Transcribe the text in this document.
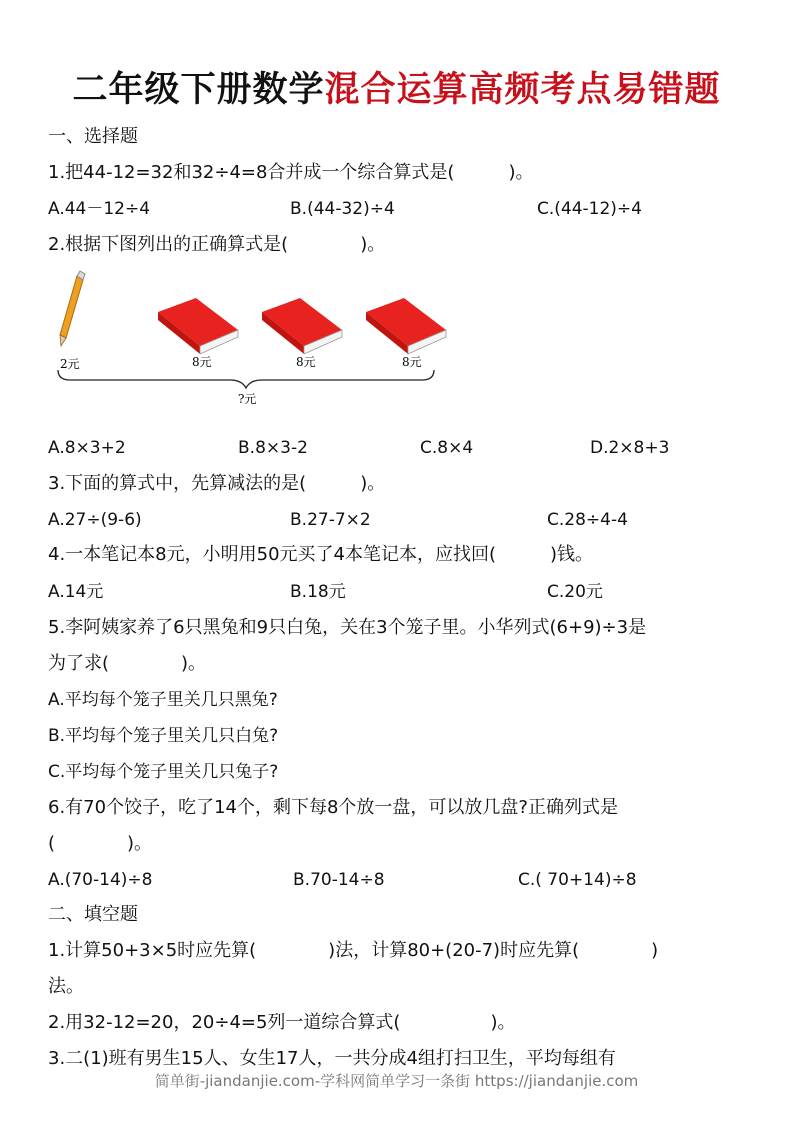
二年级下册数学混合运算高频考点易错题
一、选择题
1.把44-12=32和32÷4=8合并成一个综合算式是(　　　)。
A.44－12÷4	B.(44-32)÷4	C.(44-12)÷4
2.根据下图列出的正确算式是(　　　　)。
2元	8元	8元	8元
?元
A.8×3+2	B.8×3-2	C.8×4	D.2×8+3
3.下面的算式中，先算减法的是(　　　)。
A.27÷(9-6)	B.27-7×2	C.28÷4-4
4.一本笔记本8元，小明用50元买了4本笔记本，应找回(　　　)钱。
A.14元	B.18元	C.20元
5.李阿姨家养了6只黑兔和9只白兔，关在3个笼子里。小华列式(6+9)÷3是
为了求(　　　　)。
A.平均每个笼子里关几只黑兔?
B.平均每个笼子里关几只白兔?
C.平均每个笼子里关几只兔子?
6.有70个饺子，吃了14个，剩下每8个放一盘，可以放几盘?正确列式是
(　　　　)。
A.(70-14)÷8	B.70-14÷8	C.( 70+14)÷8
二、填空题
1.计算50+3×5时应先算(　　　　)法，计算80+(20-7)时应先算(　　　　)
法。
2.用32-12=20，20÷4=5列一道综合算式(　　　　　)。
3.二(1)班有男生15人、女生17人，一共分成4组打扫卫生，平均每组有
简单街-jiandanjie.com-学科网简单学习一条街 https://jiandanjie.com
